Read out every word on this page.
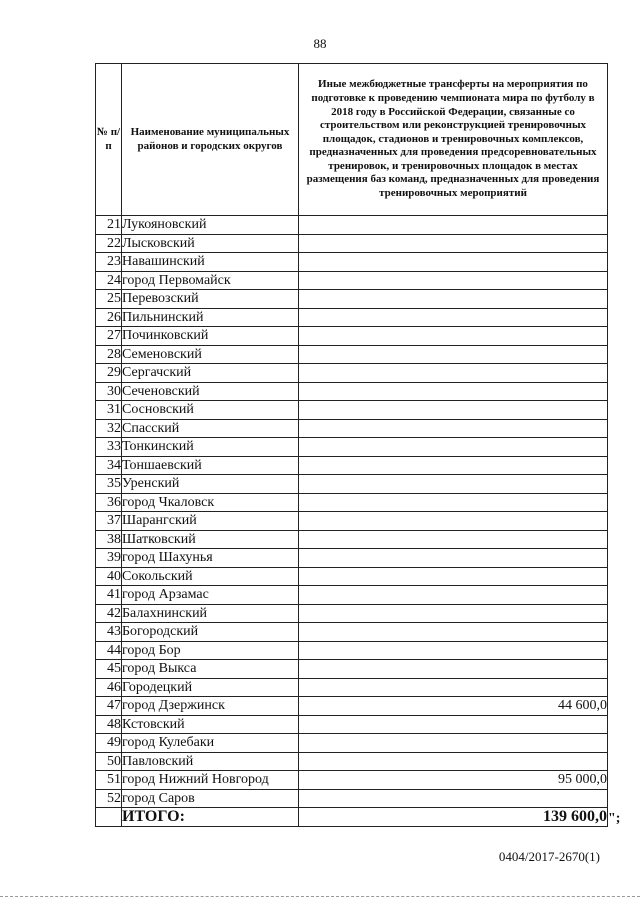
88
№ п/п	Наименование муниципальных районов и городских округов	Иные межбюджетные трансферты на мероприятия по подготовке к проведению чемпионата мира по футболу в 2018 году в Российской Федерации, связанные со строительством или реконструкцией тренировочных площадок, стадионов и тренировочных комплексов, предназначенных для проведения предсоревновательных тренировок, и тренировочных площадок в местах размещения баз команд, предназначенных для проведения тренировочных мероприятий
21	Лукояновский	
22	Лысковский	
23	Навашинский	
24	город Первомайск	
25	Перевозский	
26	Пильнинский	
27	Починковский	
28	Семеновский	
29	Сергачский	
30	Сеченовский	
31	Сосновский	
32	Спасский	
33	Тонкинский	
34	Тоншаевский	
35	Уренский	
36	город Чкаловск	
37	Шарангский	
38	Шатковский	
39	город Шахунья	
40	Сокольский	
41	город Арзамас	
42	Балахнинский	
43	Богородский	
44	город Бор	
45	город Выкса	
46	Городецкий	
47	город Дзержинск	44 600,0
48	Кстовский	
49	город Кулебаки	
50	Павловский	
51	город Нижний Новгород	95 000,0
52	город Саров	
	ИТОГО:	139 600,0 ";
0404/2017-2670(1)
